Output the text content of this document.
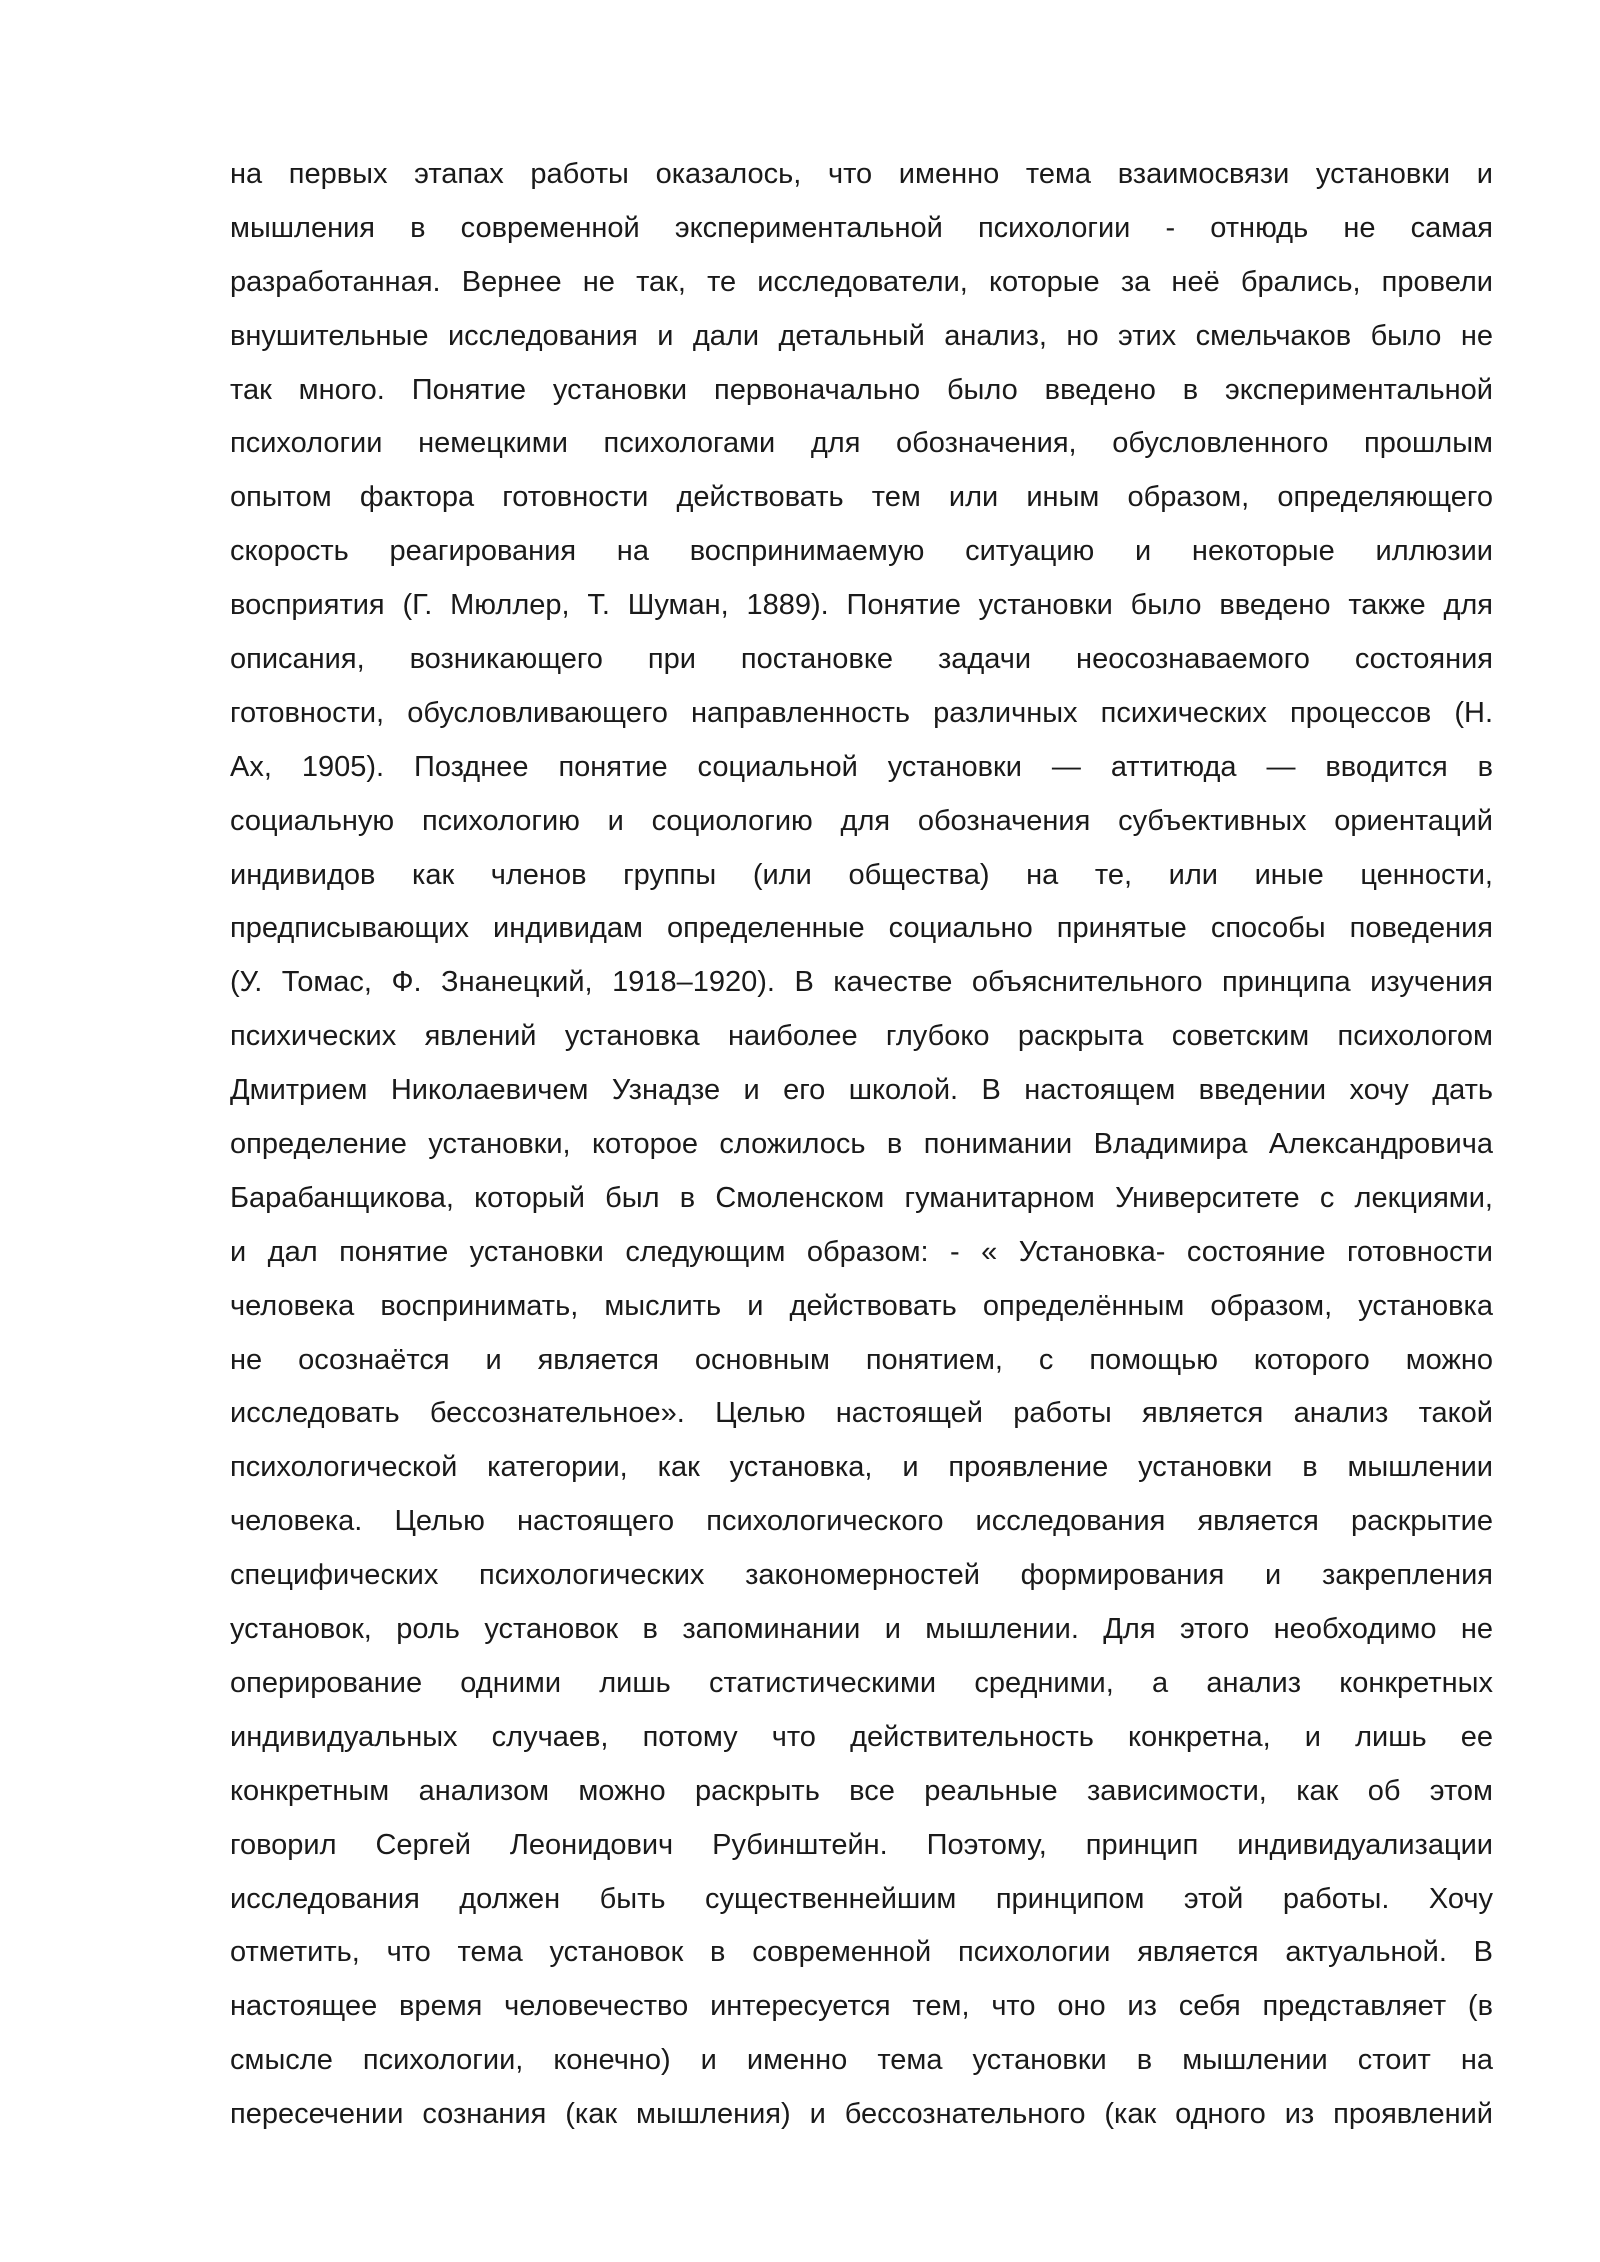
на первых этапах работы оказалось, что именно тема взаимосвязи установки и
мышления в современной экспериментальной психологии - отнюдь не самая
разработанная. Вернее не так, те исследователи, которые за неё брались, провели
внушительные исследования и дали детальный анализ, но этих смельчаков было не
так много. Понятие установки первоначально было введено в экспериментальной
психологии немецкими психологами для обозначения, обусловленного прошлым
опытом фактора готовности действовать тем или иным образом, определяющего
скорость реагирования на воспринимаемую ситуацию и некоторые иллюзии
восприятия (Г. Мюллер, Т. Шуман, 1889). Понятие установки было введено также для
описания, возникающего при постановке задачи неосознаваемого состояния
готовности, обусловливающего направленность различных психических процессов (Н.
Ах, 1905). Позднее понятие социальной установки — аттитюда — вводится в
социальную психологию и социологию для обозначения субъективных ориентаций
индивидов как членов группы (или общества) на те, или иные ценности,
предписывающих индивидам определенные социально принятые способы поведения
(У. Томас, Ф. Знанецкий, 1918–1920). В качестве объяснительного принципа изучения
психических явлений установка наиболее глубоко раскрыта советским психологом
Дмитрием Николаевичем Узнадзе и его школой. В настоящем введении хочу дать
определение установки, которое сложилось в понимании Владимира Александровича
Барабанщикова, который был в Смоленском гуманитарном Университете с лекциями,
и дал понятие установки следующим образом: - « Установка- состояние готовности
человека воспринимать, мыслить и действовать определённым образом, установка
не осознаётся и является основным понятием, с помощью которого можно
исследовать бессознательное». Целью настоящей работы является анализ такой
психологической категории, как установка, и проявление установки в мышлении
человека. Целью настоящего психологического исследования является раскрытие
специфических психологических закономерностей формирования и закрепления
установок, роль установок в запоминании и мышлении. Для этого необходимо не
оперирование одними лишь статистическими средними, а анализ конкретных
индивидуальных случаев, потому что действительность конкретна, и лишь ее
конкретным анализом можно раскрыть все реальные зависимости, как об этом
говорил Сергей Леонидович Рубинштейн. Поэтому, принцип индивидуализации
исследования должен быть существеннейшим принципом этой работы. Хочу
отметить, что тема установок в современной психологии является актуальной. В
настоящее время человечество интересуется тем, что оно из себя представляет (в
смысле психологии, конечно) и именно тема установки в мышлении стоит на
пересечении сознания (как мышления) и бессознательного (как одного из проявлений
